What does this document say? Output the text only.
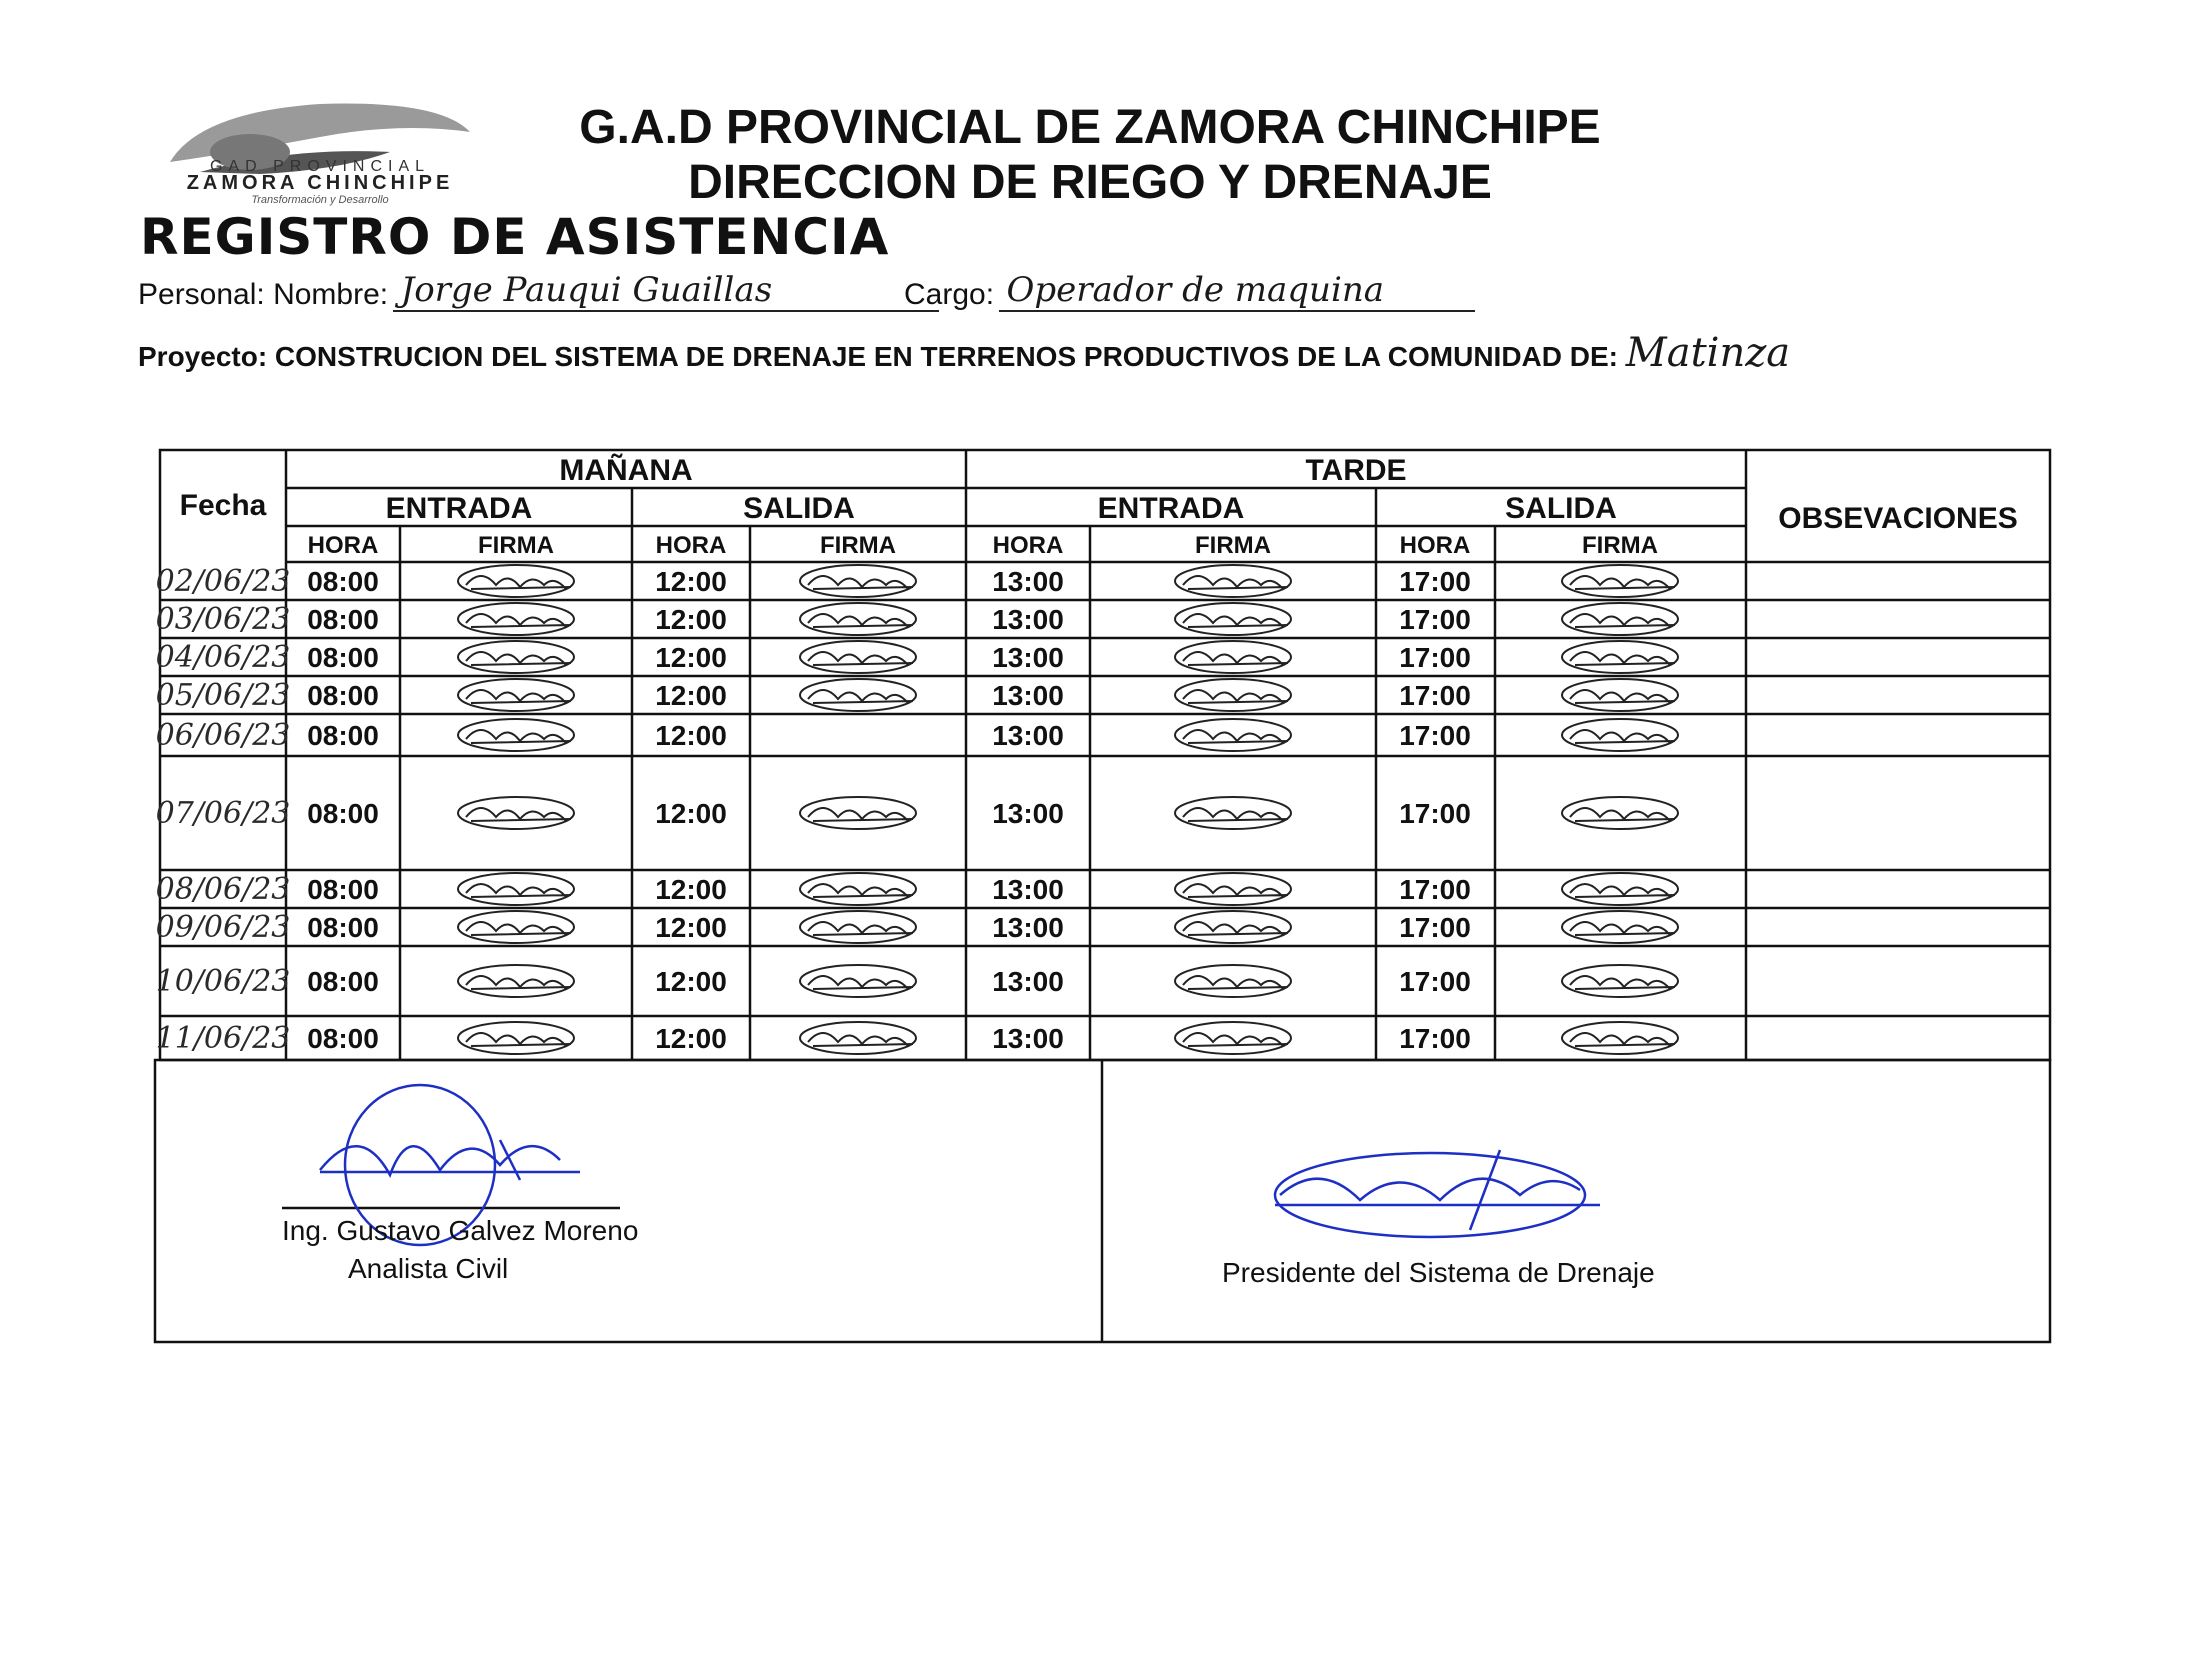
GAD PROVINCIAL
ZAMORA CHINCHIPE
Transformación y Desarrollo
G.A.D PROVINCIAL DE ZAMORA CHINCHIPE
DIRECCION DE RIEGO Y DRENAJE
REGISTRO DE ASISTENCIA
Personal: Nombre: Jorge Pauqui Guaillas	Cargo: Operador de maquina
Proyecto: CONSTRUCION DEL SISTEMA DE DRENAJE EN TERRENOS PRODUCTIVOS DE LA COMUNIDAD DE: Matinza
Fecha
MAÑANA	TARDE
ENTRADA	SALIDA	ENTRADA	SALIDA	OBSEVACIONES
HORA	FIRMA	HORA	FIRMA	HORA	FIRMA	HORA	FIRMA
02/06/23 08:00	12:00	13:00	17:00
03/06/23 08:00	12:00	13:00	17:00
04/06/23 08:00	12:00	13:00	17:00
05/06/23 08:00	12:00	13:00	17:00
06/06/23 08:00	12:00	13:00	17:00
07/06/23 08:00	12:00	13:00	17:00
08/06/23 08:00	12:00	13:00	17:00
09/06/23 08:00	12:00	13:00	17:00
10/06/23 08:00	12:00	13:00	17:00
11/06/23 08:00	12:00	13:00	17:00
Ing. Gustavo Galvez Moreno
Analista Civil	Presidente del Sistema de Drenaje
